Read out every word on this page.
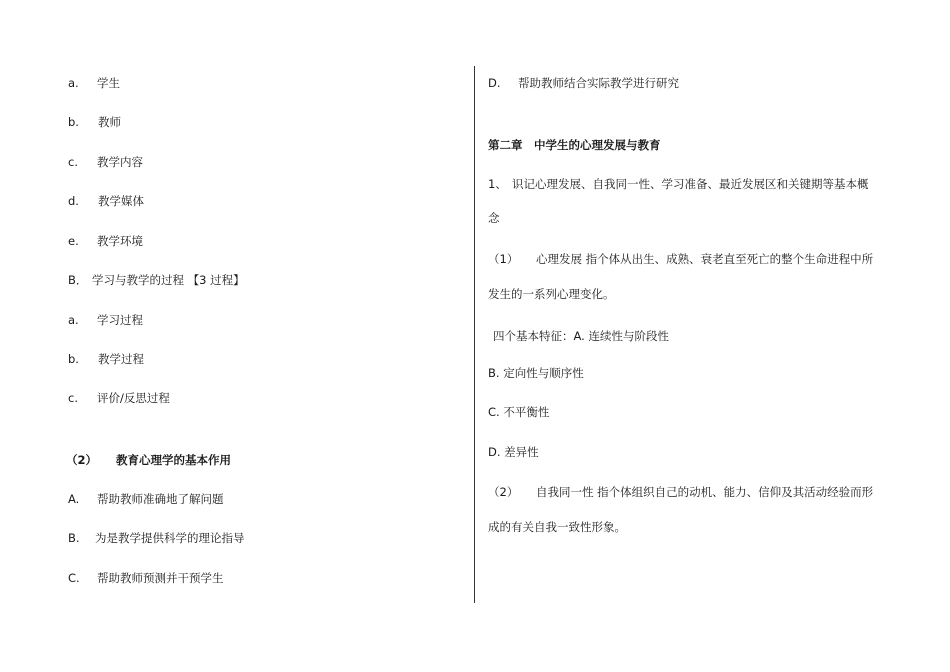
a. 学生
b. 教师
c. 教学内容
d. 教学媒体
e. 教学环境
B． 学习与教学的过程 【3 过程】
a. 学习过程
b. 教学过程
c. 评价/反思过程
（2） 教育心理学的基本作用
A. 帮助教师准确地了解问题
B. 为是教学提供科学的理论指导
C. 帮助教师预测并干预学生
D. 帮助教师结合实际教学进行研究
第二章　中学生的心理发展与教育
1、 识记心理发展、自我同一性、学习准备、最近发展区和关键期等基本概
念
（1） 心理发展 指个体从出生、成熟、衰老直至死亡的整个生命进程中所
发生的一系列心理变化。
四个基本特征：A. 连续性与阶段性
B. 定向性与顺序性
C. 不平衡性
D. 差异性
（2） 自我同一性 指个体组织自己的动机、能力、信仰及其活动经验而形
成的有关自我一致性形象。
